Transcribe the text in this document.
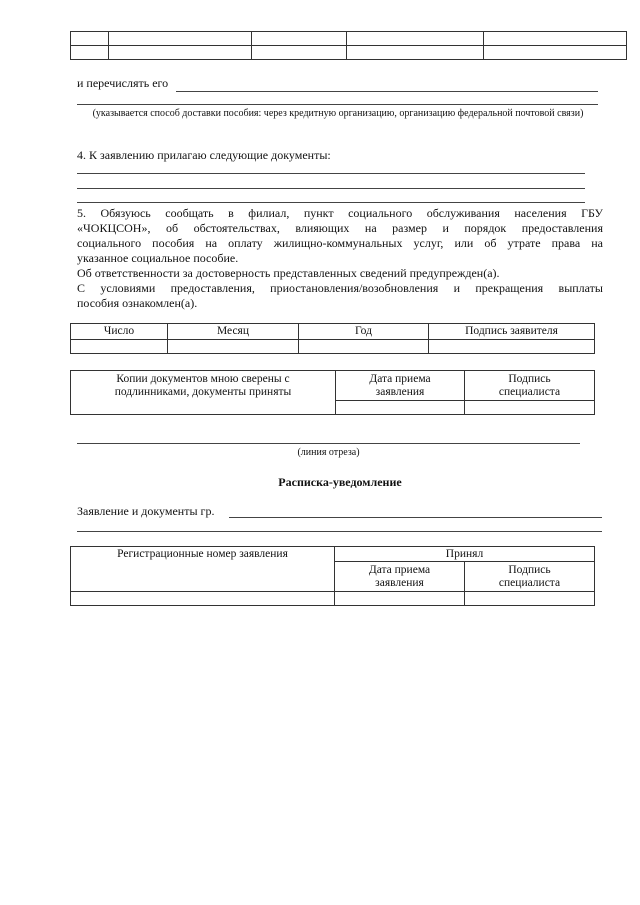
и перечислять его
(указывается способ доставки пособия: через кредитную организацию, организацию федеральной почтовой связи)
4. К заявлению прилагаю следующие документы:
5. Обязуюсь сообщать в филиал, пункт социального обслуживания населения ГБУ
«ЧОКЦСОН», об обстоятельствах, влияющих на размер и порядок предоставления
социального пособия на оплату жилищно-коммунальных услуг, или об утрате права на
указанное социальное пособие.
Об ответственности за достоверность представленных сведений предупрежден(а).
С условиями предоставления, приостановления/возобновления и прекращения выплаты
пособия ознакомлен(а).
Число	Месяц	Год	Подпись заявителя

Копии документов мною сверены с подлинниками, документы приняты	Дата приема заявления	Подпись специалиста

(линия отреза)
Расписка-уведомление
Заявление и документы гр.
Регистрационные номер заявления	Принял	
	Дата приема заявления	Подпись специалиста
